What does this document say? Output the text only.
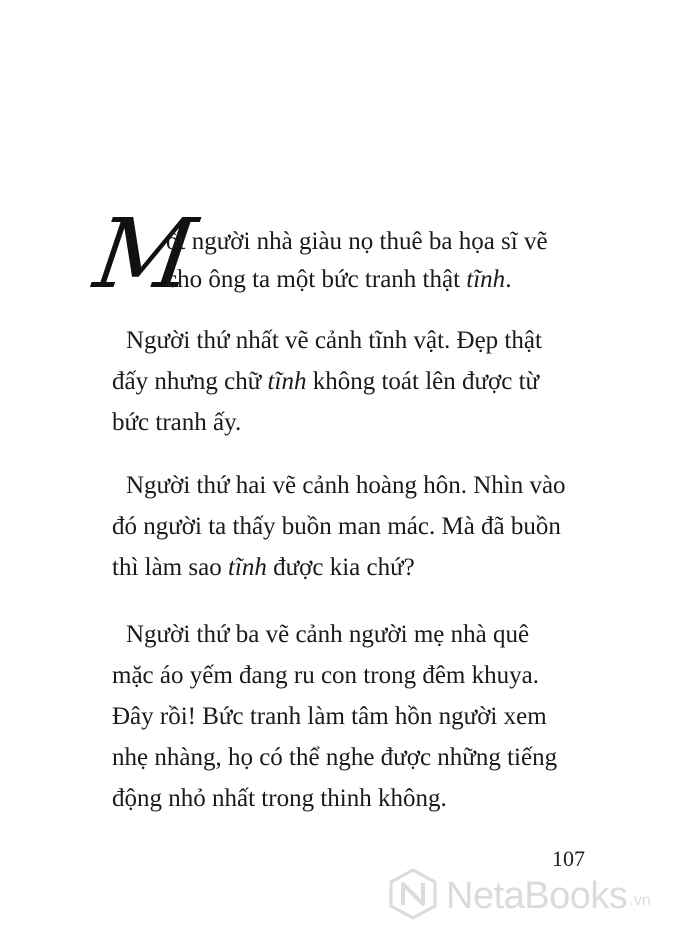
M

ột người nhà giàu nọ thuê ba họa sĩ vẽ
cho ông ta một bức tranh thật tĩnh.

Người thứ nhất vẽ cảnh tĩnh vật. Đẹp thật
đấy nhưng chữ tĩnh không toát lên được từ
bức tranh ấy.

Người thứ hai vẽ cảnh hoàng hôn. Nhìn vào
đó người ta thấy buồn man mác. Mà đã buồn
thì làm sao tĩnh được kia chứ?

Người thứ ba vẽ cảnh người mẹ nhà quê
mặc áo yếm đang ru con trong đêm khuya.
Đây rồi! Bức tranh làm tâm hồn người xem
nhẹ nhàng, họ có thể nghe được những tiếng
động nhỏ nhất trong thinh không.

107
NetaBooks .vn
